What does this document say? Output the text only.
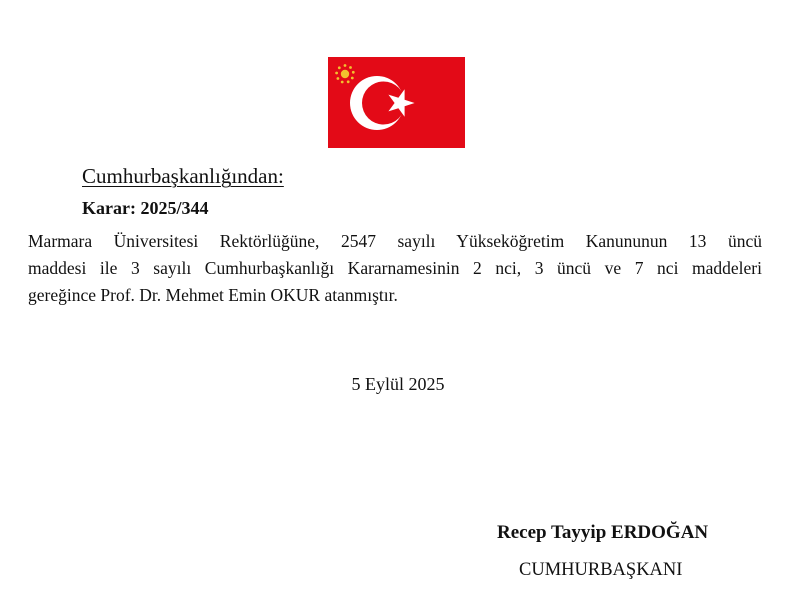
Cumhurbaşkanlığından:
Karar: 2025/344
Marmara Üniversitesi Rektörlüğüne, 2547 sayılı Yükseköğretim Kanununun 13 üncü
maddesi ile 3 sayılı Cumhurbaşkanlığı Kararnamesinin 2 nci, 3 üncü ve 7 nci maddeleri
gereğince Prof. Dr. Mehmet Emin OKUR atanmıştır.
5 Eylül 2025
Recep Tayyip ERDOĞAN
CUMHURBAŞKANI
